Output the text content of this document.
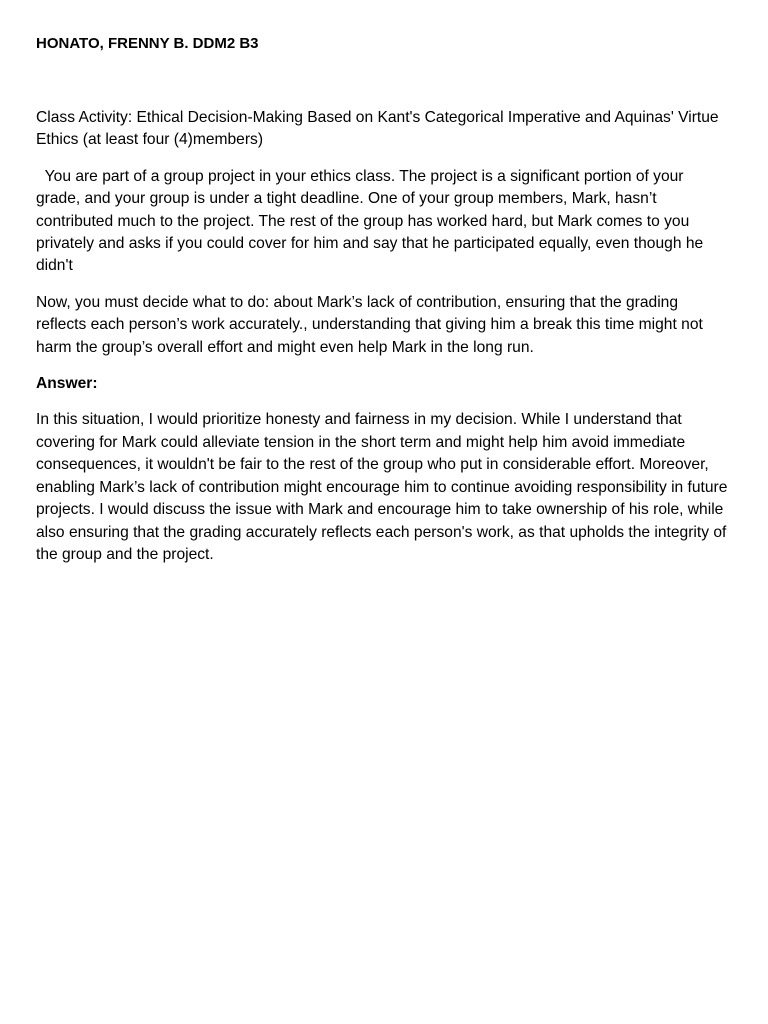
HONATO, FRENNY B. DDM2 B3

Class Activity: Ethical Decision-Making Based on Kant's Categorical Imperative and Aquinas' Virtue Ethics (at least four (4)members)

You are part of a group project in your ethics class. The project is a significant portion of your grade, and your group is under a tight deadline. One of your group members, Mark, hasn’t contributed much to the project. The rest of the group has worked hard, but Mark comes to you privately and asks if you could cover for him and say that he participated equally, even though he didn't

Now, you must decide what to do: about Mark’s lack of contribution, ensuring that the grading reflects each person’s work accurately., understanding that giving him a break this time might not harm the group’s overall effort and might even help Mark in the long run.

Answer:

In this situation, I would prioritize honesty and fairness in my decision. While I understand that covering for Mark could alleviate tension in the short term and might help him avoid immediate consequences, it wouldn't be fair to the rest of the group who put in considerable effort. Moreover, enabling Mark’s lack of contribution might encourage him to continue avoiding responsibility in future projects. I would discuss the issue with Mark and encourage him to take ownership of his role, while also ensuring that the grading accurately reflects each person's work, as that upholds the integrity of the group and the project.
